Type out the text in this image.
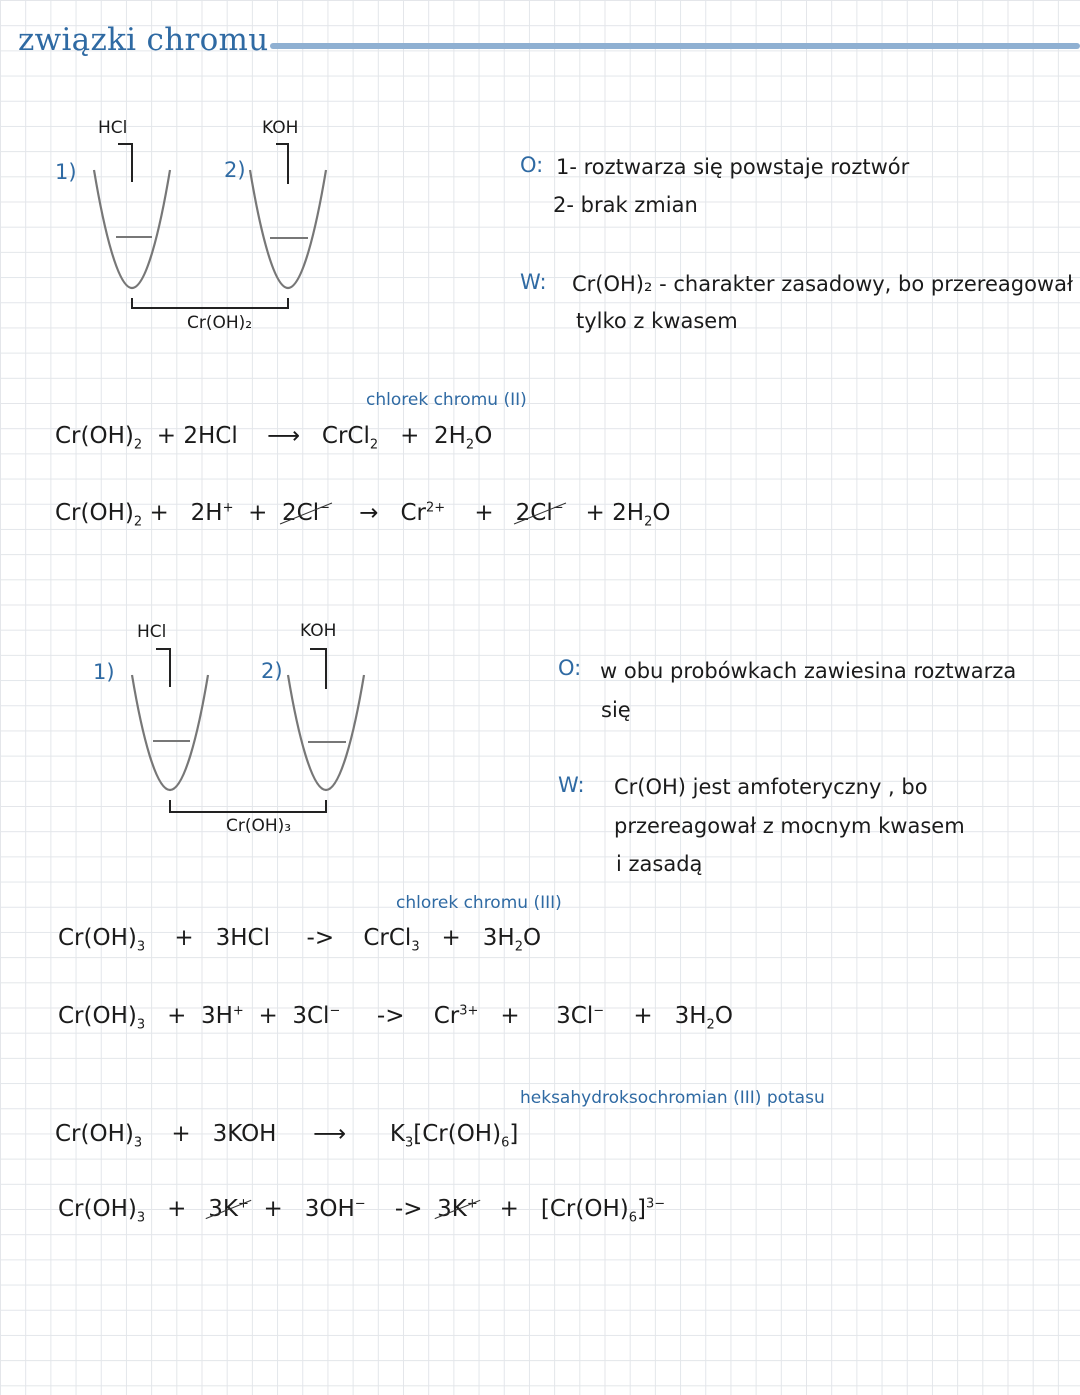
związki chromu
HCl	KOH
1)	2)
Cr(OH)₂
O: 1- roztwarza się powstaje roztwór
2- brak zmian
W: Cr(OH)₂ - charakter zasadowy, bo przereagował
tylko z kwasem
chlorek chromu (II)
$Cr(OH)_2 + 2HCl$    ⟶   CrCl$_2$   +  $2H_2O$
$Cr(OH)_2 + 2H^+ + 2Cl^-$    →   $Cr^{2+}$    +   $2Cl^- + 2H_2O$
HCl	KOH
1)	2)
Cr(OH)₃
O: w obu probówkach zawiesina roztwarza
się
W: Cr(OH) jest amfoteryczny , bo
przereagował z mocnym kwasem
i zasadą
chlorek chromu (III)
$Cr(OH)_3$    +   3HCl     ->    CrCl$_3$   +   $3H_2O$
$Cr(OH)_3 + 3H^+ + 3Cl^-$     ->    $Cr^{3+}$   +     3Cl−    +   $3H_2O$
heksahydroksochromian (III) potasu
$Cr(OH)_3$    +   3KOH     ⟶      $K_3[Cr(OH)_6]$
$Cr(OH)_3 + 3K^+ + 3OH^-$    ->  $3K^+ + [Cr(OH)_6]^{3-}$
